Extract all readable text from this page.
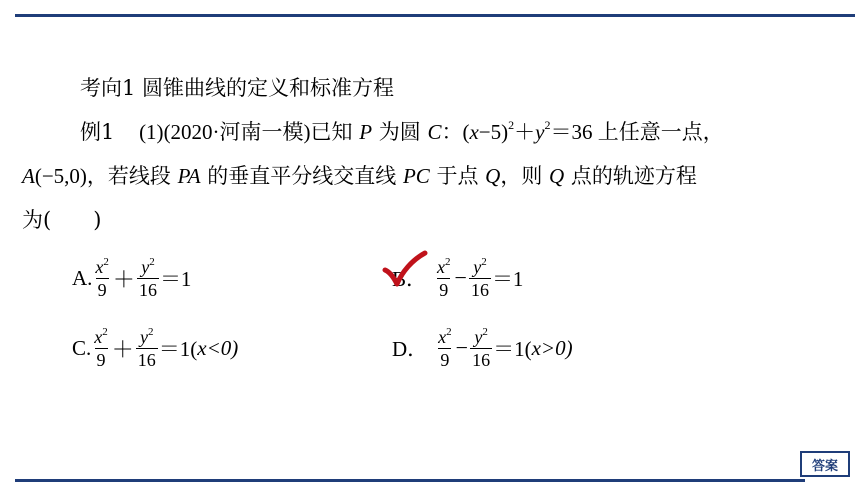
考向1 圆锥曲线的定义和标准方程
例1 (1)(2020·河南一模)已知 P 为圆 C：$(x-5)^2+y^2=36$ 上任意一点，
A(−5,0)，若线段 PA 的垂直平分线交直线 PC 于点 Q，则 Q 点的轨迹方程
为(　　)
A. $\frac{x^2}{9} + \frac{y^2}{16} =1$	B． $\frac{x^2}{9} - \frac{y^2}{16} =1$
C. $\frac{x^2}{9} + \frac{y^2}{16} =1$( x<0)	D． $\frac{x^2}{9} - \frac{y^2}{16} =1$( x>0)
答案
